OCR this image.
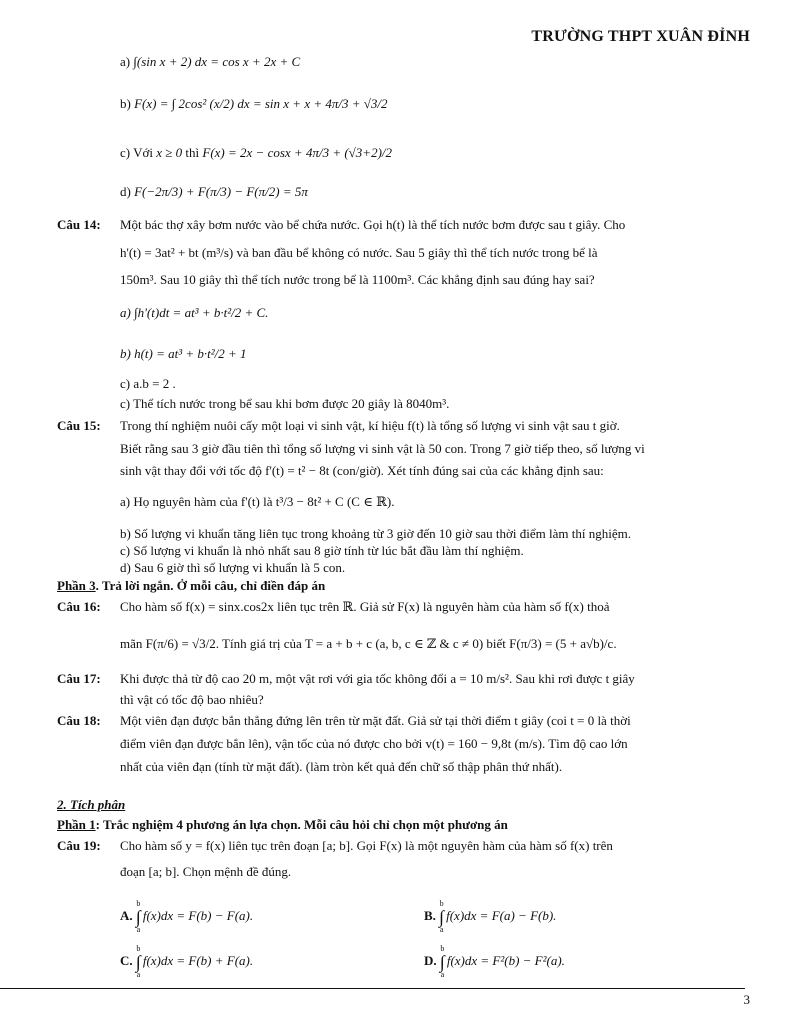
TRƯỜNG THPT XUÂN ĐỈNH
a) ∫(sin x + 2) dx = cos x + 2x + C
b) F(x) = ∫ 2cos² (x/2) dx = sin x + x + 4π/3 + √3/2
c) Với x ≥ 0 thì F(x) = 2x − cosx + 4π/3 + (√3+2)/2
d) F(−2π/3) + F(π/3) − F(π/2) = 5π
Câu 14: Một bác thợ xây bơm nước vào bể chứa nước. Gọi h(t) là thể tích nước bơm được sau t giây. Cho
h'(t) = 3at² + bt (m³/s) và ban đầu bể không có nước. Sau 5 giây thì thể tích nước trong bể là
150m³. Sau 10 giây thì thể tích nước trong bể là 1100m³. Các khẳng định sau đúng hay sai?
a) ∫h'(t)dt = at³ + b·t²/2 + C.
b) h(t) = at³ + b·t²/2 + 1
c) a.b = 2 .
c) Thể tích nước trong bể sau khi bơm được 20 giây là 8040m³.
Câu 15: Trong thí nghiệm nuôi cấy một loại vi sinh vật, kí hiệu f(t) là tổng số lượng vi sinh vật sau t giờ.
Biết rằng sau 3 giờ đầu tiên thì tổng số lượng vi sinh vật là 50 con. Trong 7 giờ tiếp theo, số lượng vi
sinh vật thay đổi với tốc độ f'(t) = t² − 8t (con/giờ). Xét tính đúng sai của các khẳng định sau:
a) Họ nguyên hàm của f'(t) là t³/3 − 8t² + C (C ∈ ℝ).
b) Số lượng vi khuẩn tăng liên tục trong khoảng từ 3 giờ đến 10 giờ sau thời điểm làm thí nghiệm.
c) Số lượng vi khuẩn là nhỏ nhất sau 8 giờ tính từ lúc bắt đầu làm thí nghiệm.
d) Sau 6 giờ thì số lượng vi khuẩn là 5 con.
Phần 3. Trả lời ngắn. Ở mỗi câu, chỉ điền đáp án
Câu 16: Cho hàm số f(x) = sinx.cos2x liên tục trên ℝ. Giả sử F(x) là nguyên hàm của hàm số f(x) thoả
mãn F(π/6) = √3/2. Tính giá trị của T = a + b + c (a, b, c ∈ ℤ & c ≠ 0) biết F(π/3) = (5 + a√b)/c.
Câu 17: Khi được thả từ độ cao 20 m, một vật rơi với gia tốc không đổi a = 10 m/s². Sau khi rơi được t giây
thì vật có tốc độ bao nhiêu?
Câu 18: Một viên đạn được bắn thẳng đứng lên trên từ mặt đất. Giả sử tại thời điểm t giây (coi t = 0 là thời
điểm viên đạn được bắn lên), vận tốc của nó được cho bởi v(t) = 160 − 9,8t (m/s). Tìm độ cao lớn
nhất của viên đạn (tính từ mặt đất). (làm tròn kết quả đến chữ số thập phân thứ nhất).
2. Tích phân
Phần 1: Trắc nghiệm 4 phương án lựa chọn. Mỗi câu hỏi chỉ chọn một phương án
Câu 19: Cho hàm số y = f(x) liên tục trên đoạn [a; b]. Gọi F(x) là một nguyên hàm của hàm số f(x) trên
đoạn [a; b]. Chọn mệnh đề đúng.
A.
b
∫
a
f(x)dx = F(b) − F(a).	B.
b
∫
a
f(x)dx = F(a) − F(b).
C.
b
∫
a
f(x)dx = F(b) + F(a).	D.
b
∫
a
f(x)dx = F²(b) − F²(a).
3
